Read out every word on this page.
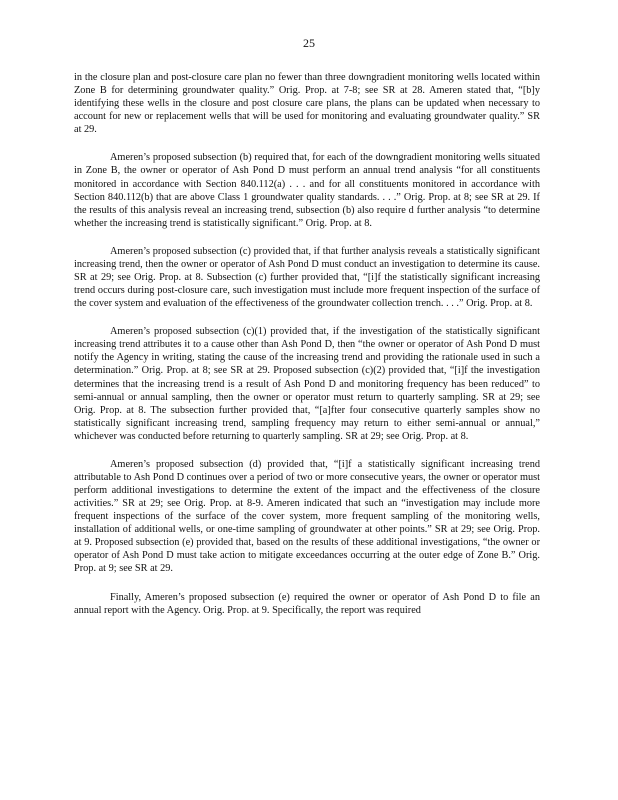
25

in the closure plan and post-closure care plan no fewer than three downgradient monitoring wells located within Zone B for determining groundwater quality.” Orig. Prop. at 7-8; see SR at 28. Ameren stated that, “[b]y identifying these wells in the closure and post closure care plans, the plans can be updated when necessary to account for new or replacement wells that will be used for monitoring and evaluating groundwater quality.” SR at 29.

Ameren’s proposed subsection (b) required that, for each of the downgradient monitoring wells situated in Zone B, the owner or operator of Ash Pond D must perform an annual trend analysis “for all constituents monitored in accordance with Section 840.112(a) . . . and for all constituents monitored in accordance with Section 840.112(b) that are above Class 1 groundwater quality standards. . . .” Orig. Prop. at 8; see SR at 29. If the results of this analysis reveal an increasing trend, subsection (b) also require d further analysis “to determine whether the increasing trend is statistically significant.” Orig. Prop. at 8.

Ameren’s proposed subsection (c) provided that, if that further analysis reveals a statistically significant increasing trend, then the owner or operator of Ash Pond D must conduct an investigation to determine its cause. SR at 29; see Orig. Prop. at 8. Subsection (c) further provided that, “[i]f the statistically significant increasing trend occurs during post-closure care, such investigation must include more frequent inspection of the surface of the cover system and evaluation of the effectiveness of the groundwater collection trench. . . .” Orig. Prop. at 8.

Ameren’s proposed subsection (c)(1) provided that, if the investigation of the statistically significant increasing trend attributes it to a cause other than Ash Pond D, then “the owner or operator of Ash Pond D must notify the Agency in writing, stating the cause of the increasing trend and providing the rationale used in such a determination.” Orig. Prop. at 8; see SR at 29. Proposed subsection (c)(2) provided that, “[i]f the investigation determines that the increasing trend is a result of Ash Pond D and monitoring frequency has been reduced” to semi-annual or annual sampling, then the owner or operator must return to quarterly sampling. SR at 29; see Orig. Prop. at 8. The subsection further provided that, “[a]fter four consecutive quarterly samples show no statistically significant increasing trend, sampling frequency may return to either semi-annual or annual,” whichever was conducted before returning to quarterly sampling. SR at 29; see Orig. Prop. at 8.

Ameren’s proposed subsection (d) provided that, “[i]f a statistically significant increasing trend attributable to Ash Pond D continues over a period of two or more consecutive years, the owner or operator must perform additional investigations to determine the extent of the impact and the effectiveness of the closure activities.” SR at 29; see Orig. Prop. at 8-9. Ameren indicated that such an “investigation may include more frequent inspections of the surface of the cover system, more frequent sampling of the monitoring wells, installation of additional wells, or one-time sampling of groundwater at other points.” SR at 29; see Orig. Prop. at 9. Proposed subsection (e) provided that, based on the results of these additional investigations, “the owner or operator of Ash Pond D must take action to mitigate exceedances occurring at the outer edge of Zone B.” Orig. Prop. at 9; see SR at 29.

Finally, Ameren’s proposed subsection (e) required the owner or operator of Ash Pond D to file an annual report with the Agency. Orig. Prop. at 9. Specifically, the report was required
